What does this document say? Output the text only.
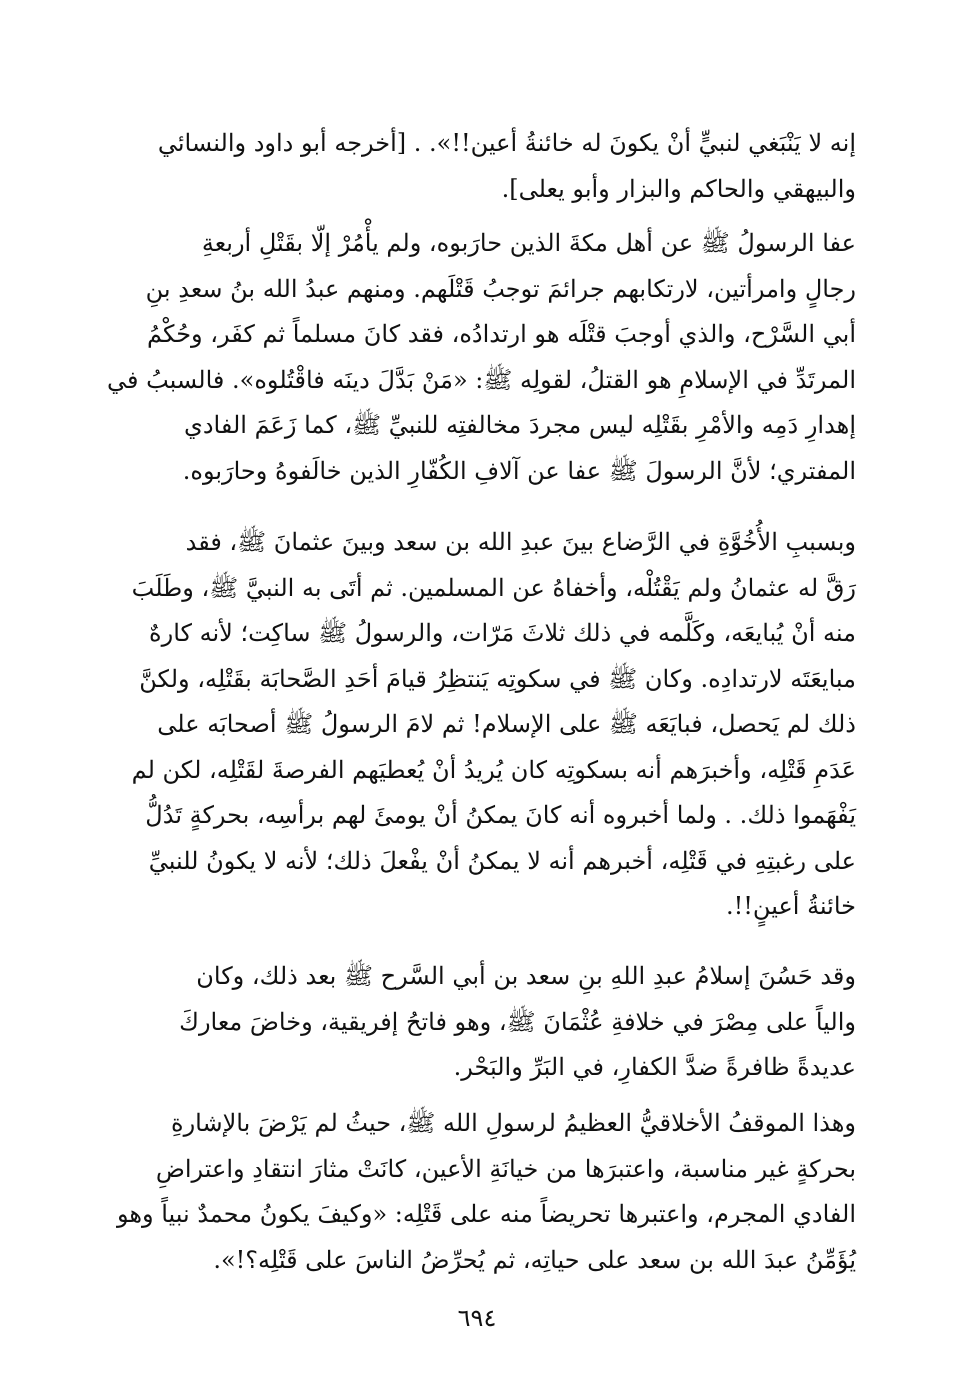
إنه لا يَنْبَغي لنبيٍّ أنْ يكونَ له خائنةُ أعين!!». . [أخرجه أبو داود والنسائي
والبيهقي والحاكم والبزار وأبو يعلى].
عفا الرسولُ ﷺ عن أهل مكةَ الذين حارَبوه، ولم يأْمُرْ إلّا بقَتْلِ أربعةِ
رجالٍ وامرأتين، لارتكابهم جرائمَ توجبُ قَتْلَهم. ومنهم عبدُ الله بنُ سعدِ بنِ
أبي السَّرْح، والذي أوجبَ قتْلَه هو ارتدادُه، فقد كانَ مسلماً ثم كفَر، وحُكْمُ
المرتَدِّ في الإسلامِ هو القتلُ، لقولِه ﷺ: «مَنْ بَدَّلَ دينَه فاقْتُلوه». فالسببُ في
إهدارِ دَمِه والأمْرِ بقَتْلِه ليس مجردَ مخالفتِه للنبيِّ ﷺ، كما زَعَمَ الفادي
المفتري؛ لأنَّ الرسولَ ﷺ عفا عن آلافِ الكُفّارِ الذين خالَفوهُ وحارَبوه.
وبسببِ الأُخُوَّةِ في الرَّضاع بينَ عبدِ الله بن سعد وبينَ عثمانَ ﷺ، فقد
رَقَّ له عثمانُ ولم يَقْتُلْه، وأخفاهُ عن المسلمين. ثم أتَى به النبيَّ ﷺ، وطَلَبَ
منه أنْ يُبايعَه، وكَلَّمه في ذلك ثلاثَ مَرّات، والرسولُ ﷺ ساكِت؛ لأنه كارهٌ
مبايعَتَه لارتدادِه. وكان ﷺ في سكوتِه يَنتظِرُ قيامَ أحَدِ الصَّحابَة بقَتْلِه، ولكنَّ
ذلك لم يَحصل، فبايَعَه ﷺ على الإسلام! ثم لامَ الرسولُ ﷺ أصحابَه على
عَدَمِ قَتْلِه، وأخبرَهم أنه بسكوتِه كان يُريدُ أنْ يُعطيَهم الفرصةَ لقَتْلِه، لكن لم
يَفْهَموا ذلك. . ولما أخبروه أنه كانَ يمكنُ أنْ يومئَ لهم برأسِه، بحركةٍ تَدُلُّ
على رغبتِهِ في قَتْلِه، أخبرهم أنه لا يمكنُ أنْ يفْعلَ ذلك؛ لأنه لا يكونُ للنبيِّ
خائنةُ أعينٍ!!.
وقد حَسُنَ إسلامُ عبدِ اللهِ بنِ سعد بن أبي السَّرح ﷺ بعد ذلك، وكان
والياً على مِصْرَ في خلافةِ عُثْمَانَ ﷺ، وهو فاتحُ إفريقية، وخاضَ معاركَ
عديدةً ظافرةً ضدَّ الكفارِ، في البَرِّ والبَحْر.
وهذا الموقفُ الأخلاقيُّ العظيمُ لرسولِ الله ﷺ، حيثُ لم يَرْضَ بالإشارةِ
بحركةٍ غير مناسبة، واعتبرَها من خيانَةِ الأعين، كانَتْ مثارَ انتقادِ واعتراضِ
الفادي المجرم، واعتبرها تحريضاً منه على قَتْلِه: «وكيفَ يكونُ محمدٌ نبياً وهو
يُؤَمِّنُ عبدَ الله بن سعد على حياتِه، ثم يُحرِّضُ الناسَ على قَتْلِه؟!».
٦٩٤
